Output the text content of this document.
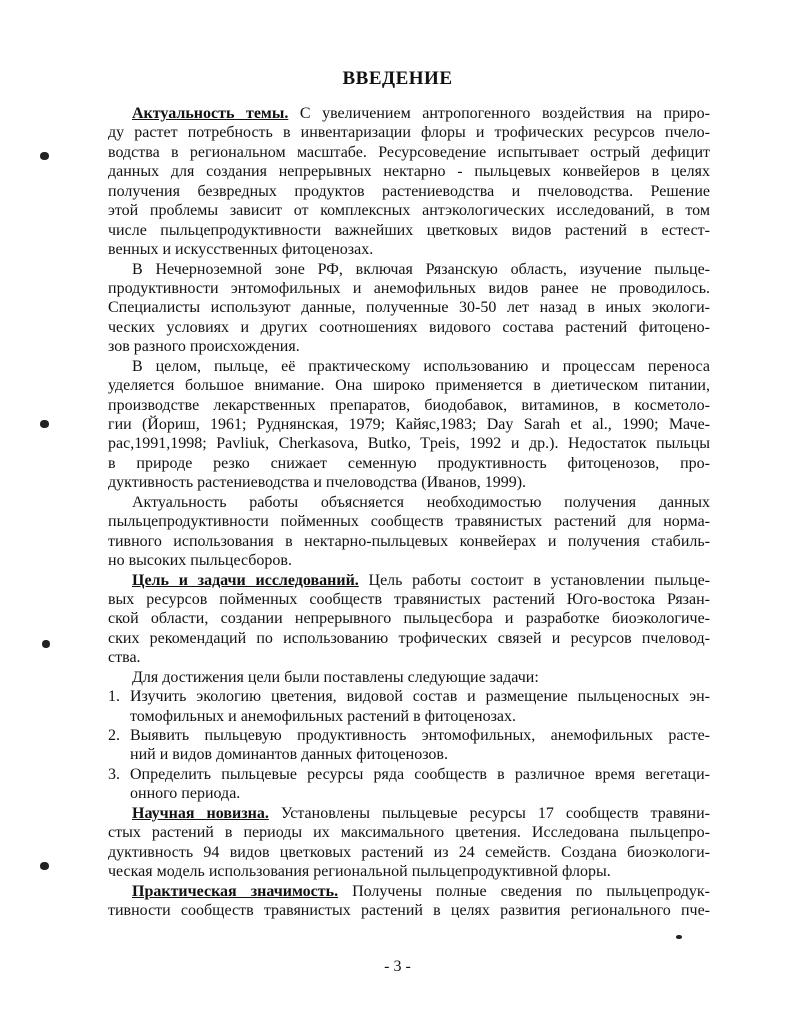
ВВЕДЕНИЕ
Актуальность темы. С увеличением антропогенного воздействия на приро-
ду растет потребность в инвентаризации флоры и трофических ресурсов пчело-
водства в региональном масштабе. Ресурсоведение испытывает острый дефицит
данных для создания непрерывных нектарно - пыльцевых конвейеров в целях
получения безвредных продуктов растениеводства и пчеловодства. Решение
этой проблемы зависит от комплексных антэкологических исследований, в том
числе пыльцепродуктивности важнейших цветковых видов растений в естест-
венных и искусственных фитоценозах.
В Нечерноземной зоне РФ, включая Рязанскую область, изучение пыльце-
продуктивности энтомофильных и анемофильных видов ранее не проводилось.
Специалисты используют данные, полученные 30-50 лет назад в иных экологи-
ческих условиях и других соотношениях видового состава растений фитоцено-
зов разного происхождения.
В целом, пыльце, её практическому использованию и процессам переноса
уделяется большое внимание. Она широко применяется в диетическом питании,
производстве лекарственных препаратов, биодобавок, витаминов, в косметоло-
гии (Йориш, 1961; Руднянская, 1979; Кайяс,1983; Day Sarah et al., 1990; Маче-
рас,1991,1998; Pavliuk, Cherkasova, Butko, Tpeis, 1992 и др.). Недостаток пыльцы
в природе резко снижает семенную продуктивность фитоценозов, про-
дуктивность растениеводства и пчеловодства (Иванов, 1999).
Актуальность работы объясняется необходимостью получения данных
пыльцепродуктивности пойменных сообществ травянистых растений для норма-
тивного использования в нектарно-пыльцевых конвейерах и получения стабиль-
но высоких пыльцесборов.
Цель и задачи исследований. Цель работы состоит в установлении пыльце-
вых ресурсов пойменных сообществ травянистых растений Юго-востока Рязан-
ской области, создании непрерывного пыльцесбора и разработке биоэкологиче-
ских рекомендаций по использованию трофических связей и ресурсов пчеловод-
ства.
Для достижения цели были поставлены следующие задачи:
1. Изучить экологию цветения, видовой состав и размещение пыльценосных эн-
томофильных и анемофильных растений в фитоценозах.
2. Выявить пыльцевую продуктивность энтомофильных, анемофильных расте-
ний и видов доминантов данных фитоценозов.
3. Определить пыльцевые ресурсы ряда сообществ в различное время вегетаци-
онного периода.
Научная новизна. Установлены пыльцевые ресурсы 17 сообществ травяни-
стых растений в периоды их максимального цветения. Исследована пыльцепро-
дуктивность 94 видов цветковых растений из 24 семейств. Создана биоэкологи-
ческая модель использования региональной пыльцепродуктивной флоры.
Практическая значимость. Получены полные сведения по пыльцепродук-
тивности сообществ травянистых растений в целях развития регионального пче-
- 3 -
